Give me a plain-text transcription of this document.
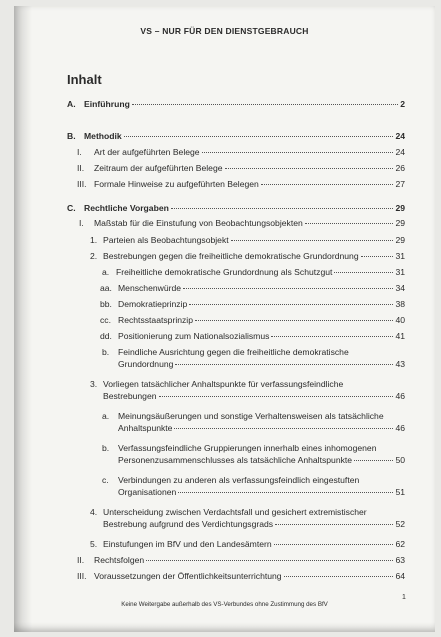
VS – NUR FÜR DEN DIENSTGEBRAUCH
Inhalt
A. Einführung	2
B. Methodik	24
I. Art der aufgeführten Belege	24
II. Zeitraum der aufgeführten Belege	26
III. Formale Hinweise zu aufgeführten Belegen	27
C. Rechtliche Vorgaben	29
I. Maßstab für die Einstufung von Beobachtungsobjekten	29
1. Parteien als Beobachtungsobjekt	29
2. Bestrebungen gegen die freiheitliche demokratische Grundordnung	31
a. Freiheitliche demokratische Grundordnung als Schutzgut	31
aa. Menschenwürde	34
bb. Demokratieprinzip	38
cc. Rechtsstaatsprinzip	40
dd. Positionierung zum Nationalsozialismus	41
b. Feindliche Ausrichtung gegen die freiheitliche demokratische
Grundordnung	43
3. Vorliegen tatsächlicher Anhaltspunkte für verfassungsfeindliche
Bestrebungen	46
a. Meinungsäußerungen und sonstige Verhaltensweisen als tatsächliche
Anhaltspunkte	46
b. Verfassungsfeindliche Gruppierungen innerhalb eines inhomogenen
Personenzusammenschlusses als tatsächliche Anhaltspunkte	50
c. Verbindungen zu anderen als verfassungsfeindlich eingestuften
Organisationen	51
4. Unterscheidung zwischen Verdachtsfall und gesichert extremistischer
Bestrebung aufgrund des Verdichtungsgrads	52
5. Einstufungen im BfV und den Landesämtern	62
II. Rechtsfolgen	63
III. Voraussetzungen der Öffentlichkeitsunterrichtung	64
1
Keine Weitergabe außerhalb des VS-Verbundes ohne Zustimmung des BfV
